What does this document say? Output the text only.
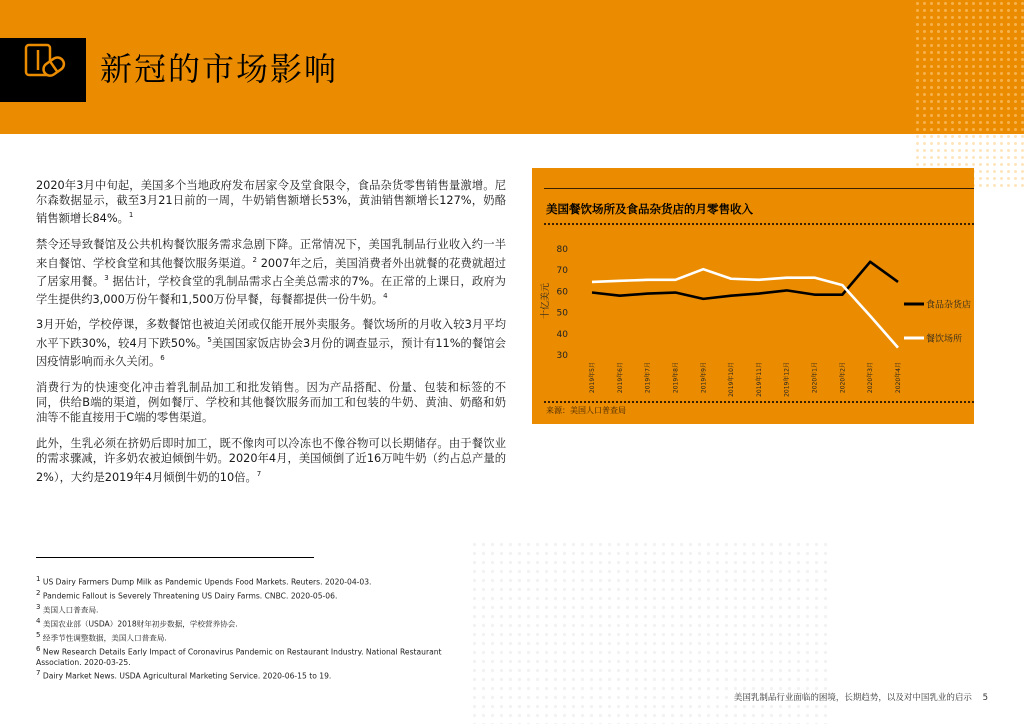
新冠的市场影响

2020年3月中旬起，美国多个当地政府发布居家令及堂食限令，食品杂货零售销售量激增。尼尔森数据显示，截至3月21日前的一周，牛奶销售额增长53%，黄油销售额增长127%，奶酪销售额增长84%。$^1$

禁令还导致餐馆及公共机构餐饮服务需求急剧下降。正常情况下，美国乳制品行业收入约一半来自餐馆、学校食堂和其他餐饮服务渠道。$^2$ 2007年之后，美国消费者外出就餐的花费就超过了居家用餐。$^3$ 据估计，学校食堂的乳制品需求占全美总需求的7%。在正常的上课日，政府为学生提供约3,000万份午餐和1,500万份早餐，每餐都提供一份牛奶。$^4$

3月开始，学校停课，多数餐馆也被迫关闭或仅能开展外卖服务。餐饮场所的月收入较3月平均水平下跌30%，较4月下跌50%。$^5$美国国家饭店协会3月份的调查显示，预计有11%的餐馆会因疫情影响而永久关闭。$^6$

消费行为的快速变化冲击着乳制品加工和批发销售。因为产品搭配、份量、包装和标签的不同，供给B端的渠道，例如餐厅、学校和其他餐饮服务而加工和包装的牛奶、黄油、奶酪和奶油等不能直接用于C端的零售渠道。

此外，生乳必须在挤奶后即时加工，既不像肉可以冷冻也不像谷物可以长期储存。由于餐饮业的需求骤减，许多奶农被迫倾倒牛奶。2020年4月，美国倾倒了近16万吨牛奶（约占总产量的2%），大约是2019年4月倾倒牛奶的10倍。$^7$

美国餐饮场所及食品杂货店的月零售收入
30
40
50
60
70
80
十亿美元
2019年5月	2019年6月	2019年7月	2019年8月	2019年9月	2019年10月	2019年11月	2019年12月	2020年1月	2020年2月	2020年3月	2020年4月
食品杂货店
餐饮场所
来源：美国人口普查局

$^1$ US Dairy Farmers Dump Milk as Pandemic Upends Food Markets. Reuters. 2020-04-03.

$^2$ Pandemic Fallout is Severely Threatening US Dairy Farms. CNBC. 2020-05-06.

$^3$ 美国人口普查局.

$^4$ 美国农业部（USDA）2018财年初步数据，学校营养协会.

$^5$ 经季节性调整数据，美国人口普查局.

$^6$ New Research Details Early Impact of Coronavirus Pandemic on Restaurant Industry. National Restaurant Association. 2020-03-25.

$^7$ Dairy Market News. USDA Agricultural Marketing Service. 2020-06-15 to 19.

美国乳制品行业面临的困境，长期趋势，以及对中国乳业的启示 5
